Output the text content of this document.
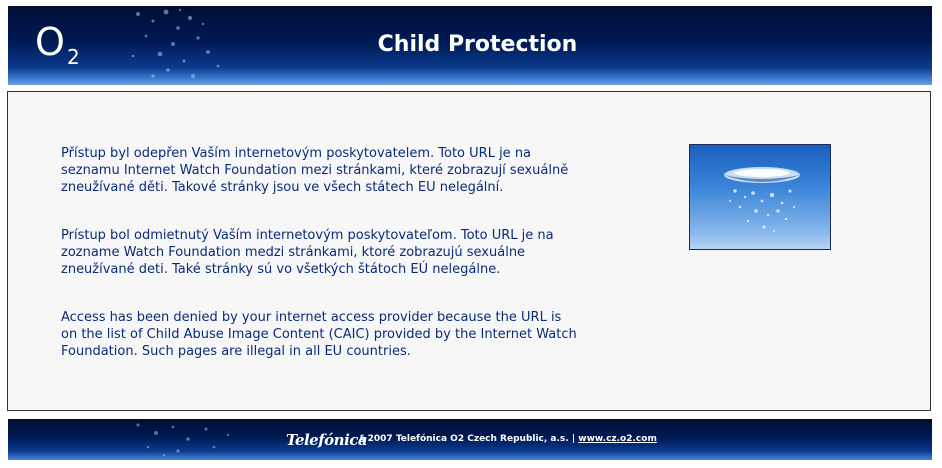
O 2	Child Protection

Přístup byl odepřen Vaším internetovým poskytovatelem. Toto URL je na seznamu Internet Watch Foundation mezi stránkami, které zobrazují sexuálně zneužívané děti. Takové stránky jsou ve všech státech EU nelegální.

Prístup bol odmietnutý Vaším internetovým poskytovateľom. Toto URL je na zozname Watch Foundation medzi stránkami, ktoré zobrazujú sexuálne zneužívané deti. Také stránky sú vo všetkých štátoch EÚ nelegálne.

Access has been denied by your internet access provider because the URL is on the list of Child Abuse Image Content (CAIC) provided by the Internet Watch Foundation. Such pages are illegal in all EU countries.

Telefónica
§ 2007 Telefónica O2 Czech Republic, a.s. | www.cz.o2.com
